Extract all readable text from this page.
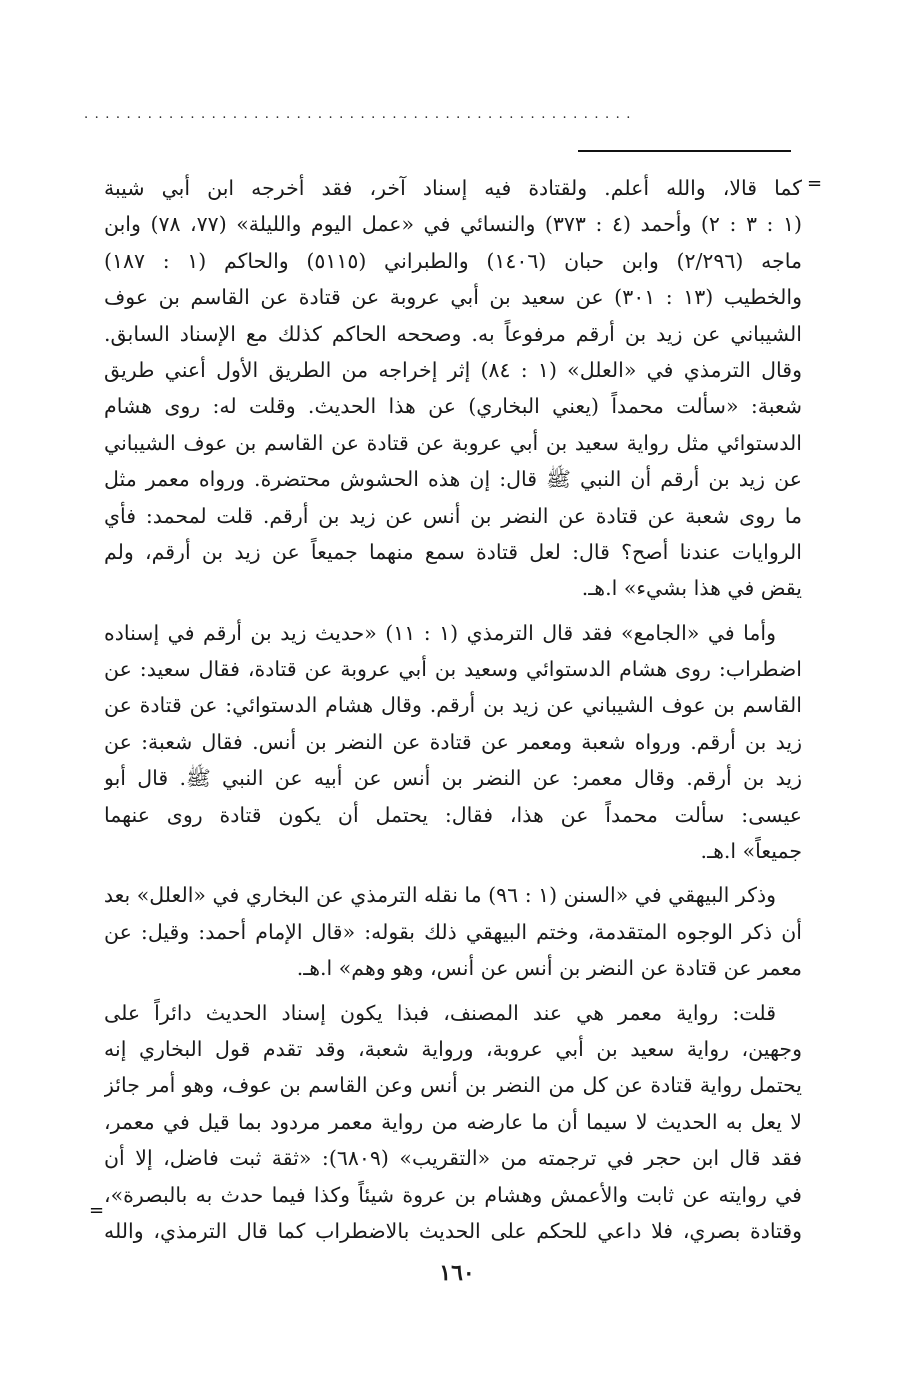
....................................................
=
=
كما قالا، والله أعلم. ولقتادة فيه إسناد آخر، فقد أخرجه ابن أبي شيبة
(١ : ٣ : ٢) وأحمد (٤ : ٣٧٣) والنسائي في «عمل اليوم والليلة» (٧٧، ٧٨) وابن
ماجه (٢/٢٩٦) وابن حبان (١٤٠٦) والطبراني (٥١١٥) والحاكم (١ : ١٨٧)
والخطيب (١٣ : ٣٠١) عن سعيد بن أبي عروبة عن قتادة عن القاسم بن عوف
الشيباني عن زيد بن أرقم مرفوعاً به. وصححه الحاكم كذلك مع الإسناد السابق.
وقال الترمذي في «العلل» (١ : ٨٤) إثر إخراجه من الطريق الأول أعني طريق
شعبة: «سألت محمداً (يعني البخاري) عن هذا الحديث. وقلت له: روى هشام
الدستوائي مثل رواية سعيد بن أبي عروبة عن قتادة عن القاسم بن عوف الشيباني
عن زيد بن أرقم أن النبي ﷺ قال: إن هذه الحشوش محتضرة. ورواه معمر مثل
ما روى شعبة عن قتادة عن النضر بن أنس عن زيد بن أرقم. قلت لمحمد: فأي
الروايات عندنا أصح؟ قال: لعل قتادة سمع منهما جميعاً عن زيد بن أرقم، ولم
يقض في هذا بشيء» ا.هـ.
وأما في «الجامع» فقد قال الترمذي (١ : ١١) «حديث زيد بن أرقم في إسناده
اضطراب: روى هشام الدستوائي وسعيد بن أبي عروبة عن قتادة، فقال سعيد: عن
القاسم بن عوف الشيباني عن زيد بن أرقم. وقال هشام الدستوائي: عن قتادة عن
زيد بن أرقم. ورواه شعبة ومعمر عن قتادة عن النضر بن أنس. فقال شعبة: عن
زيد بن أرقم. وقال معمر: عن النضر بن أنس عن أبيه عن النبي ﷺ. قال أبو
عيسى: سألت محمداً عن هذا، فقال: يحتمل أن يكون قتادة روى عنهما
جميعاً» ا.هـ.
وذكر البيهقي في «السنن (١ : ٩٦) ما نقله الترمذي عن البخاري في «العلل» بعد
أن ذكر الوجوه المتقدمة، وختم البيهقي ذلك بقوله: «قال الإمام أحمد: وقيل: عن
معمر عن قتادة عن النضر بن أنس عن أنس، وهو وهم» ا.هـ.
قلت: رواية معمر هي عند المصنف، فبذا يكون إسناد الحديث دائراً على
وجهين، رواية سعيد بن أبي عروبة، ورواية شعبة، وقد تقدم قول البخاري إنه
يحتمل رواية قتادة عن كل من النضر بن أنس وعن القاسم بن عوف، وهو أمر جائز
لا يعل به الحديث لا سيما أن ما عارضه من رواية معمر مردود بما قيل في معمر،
فقد قال ابن حجر في ترجمته من «التقريب» (٦٨٠٩): «ثقة ثبت فاضل، إلا أن
في روايته عن ثابت والأعمش وهشام بن عروة شيئاً وكذا فيما حدث به بالبصرة»،
وقتادة بصري، فلا داعي للحكم على الحديث بالاضطراب كما قال الترمذي، والله
١٦٠
